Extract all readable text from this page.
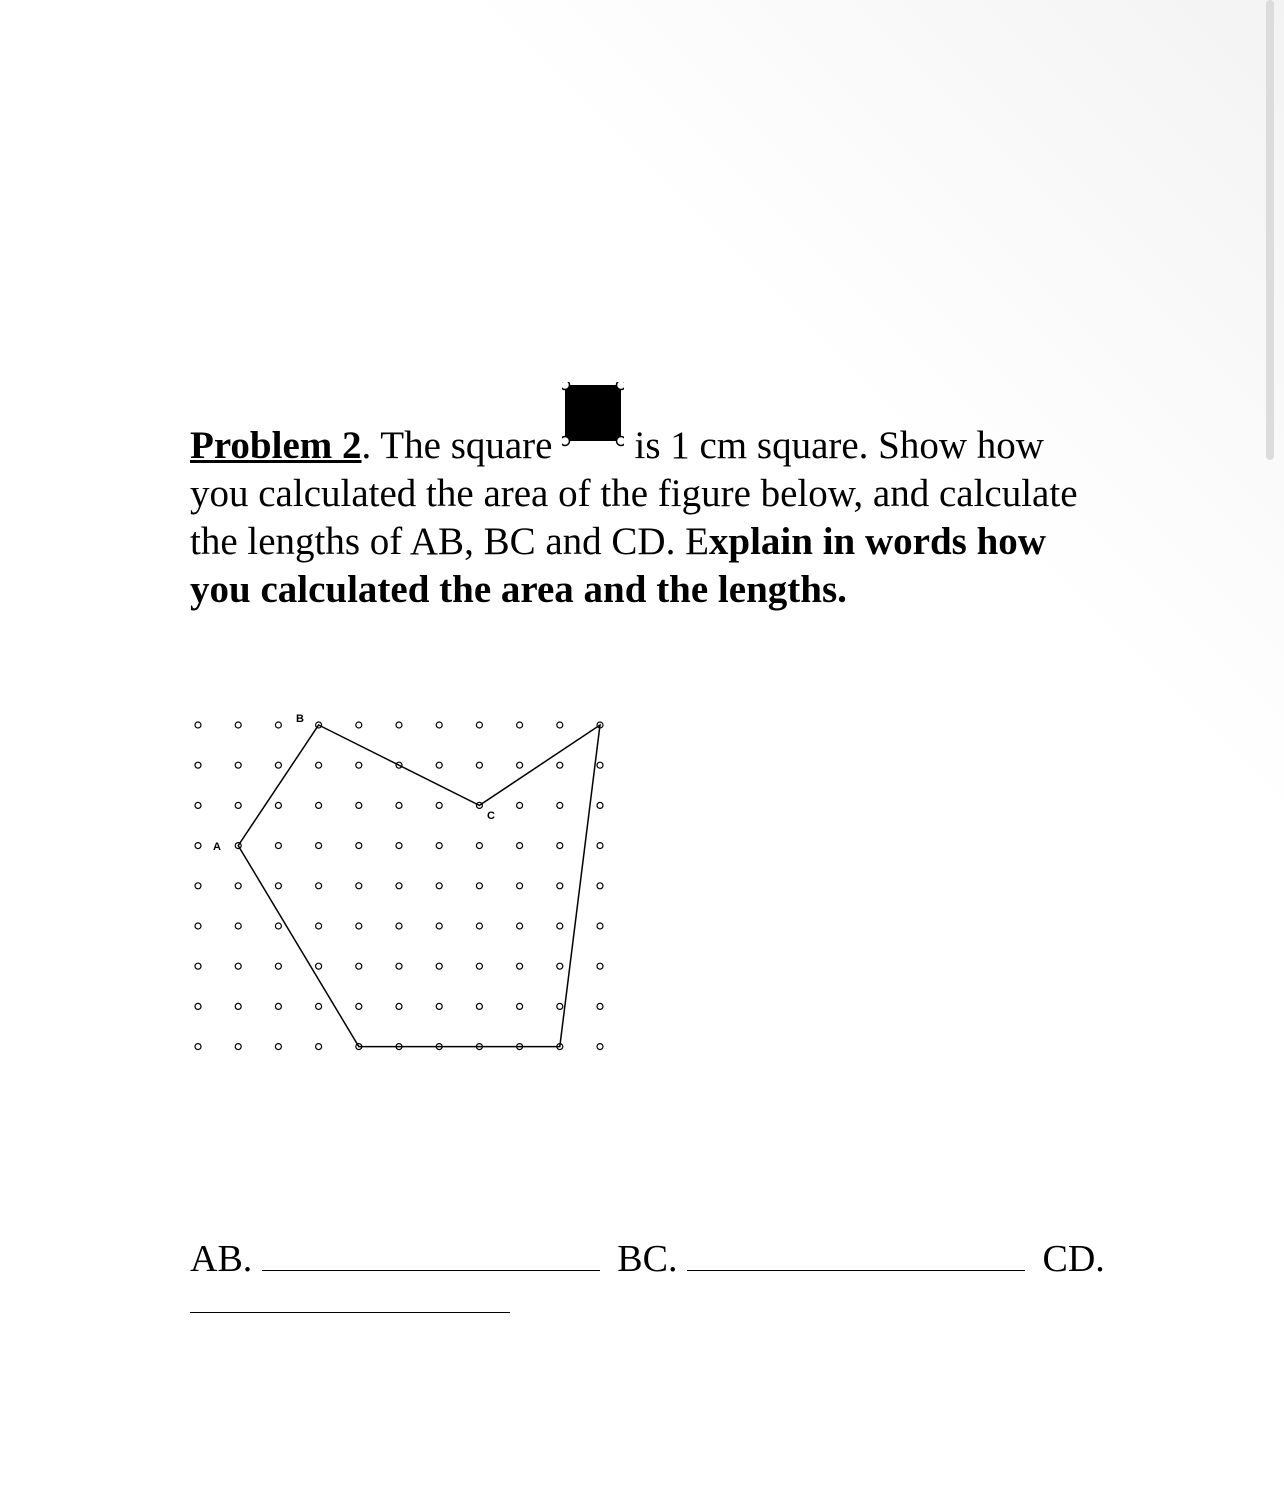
Problem 2. The square is 1 cm square. Show how you calculated the area of the figure below, and calculate the lengths of AB, BC and CD. Explain in words how you calculated the area and the lengths.
A
B
C
AB.	BC.	CD.
